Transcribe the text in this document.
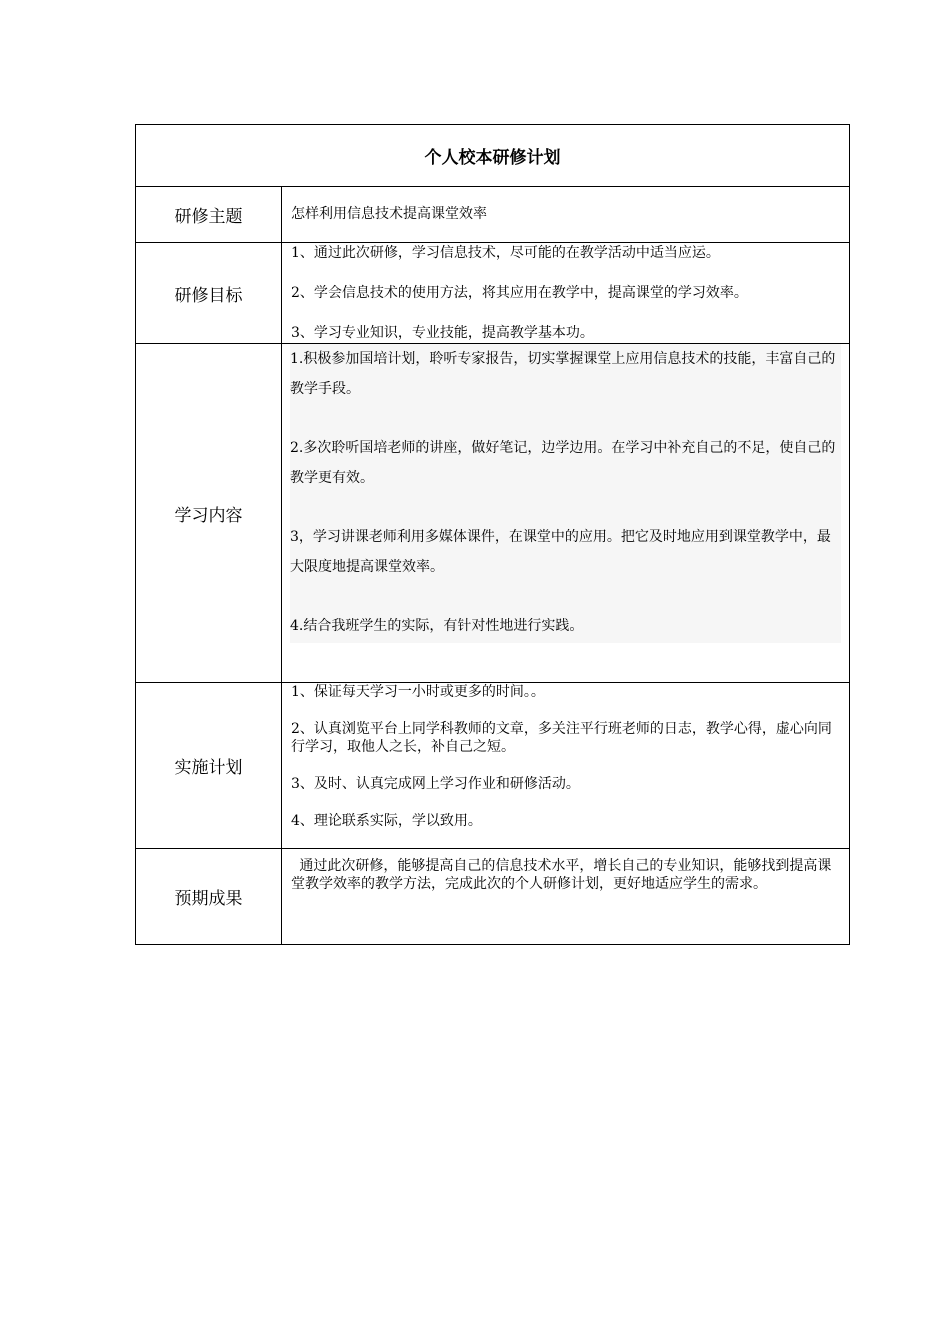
个人校本研修计划	
研修主题	怎样利用信息技术提高课堂效率

研修目标	1、通过此次研修，学习信息技术，尽可能的在教学活动中适当应运。

2、学会信息技术的使用方法，将其应用在教学中，提高课堂的学习效率。

3、学习专业知识，专业技能，提高教学基本功。

学习内容	1.积极参加国培计划，聆听专家报告，切实掌握课堂上应用信息技术的技能，丰富自己的教学手段。

2.多次聆听国培老师的讲座，做好笔记，边学边用。在学习中补充自己的不足，使自己的教学更有效。

3，学习讲课老师利用多媒体课件，在课堂中的应用。把它及时地应用到课堂教学中，最大限度地提高课堂效率。

4.结合我班学生的实际，有针对性地进行实践。

实施计划	1、保证每天学习一小时或更多的时间。。

2、认真浏览平台上同学科教师的文章，多关注平行班老师的日志，教学心得，虚心向同行学习，取他人之长，补自己之短。

3、及时、认真完成网上学习作业和研修活动。

4、理论联系实际，学以致用。

预期成果	通过此次研修，能够提高自己的信息技术水平，增长自己的专业知识，能够找到提高课堂教学效率的教学方法，完成此次的个人研修计划，更好地适应学生的需求。
